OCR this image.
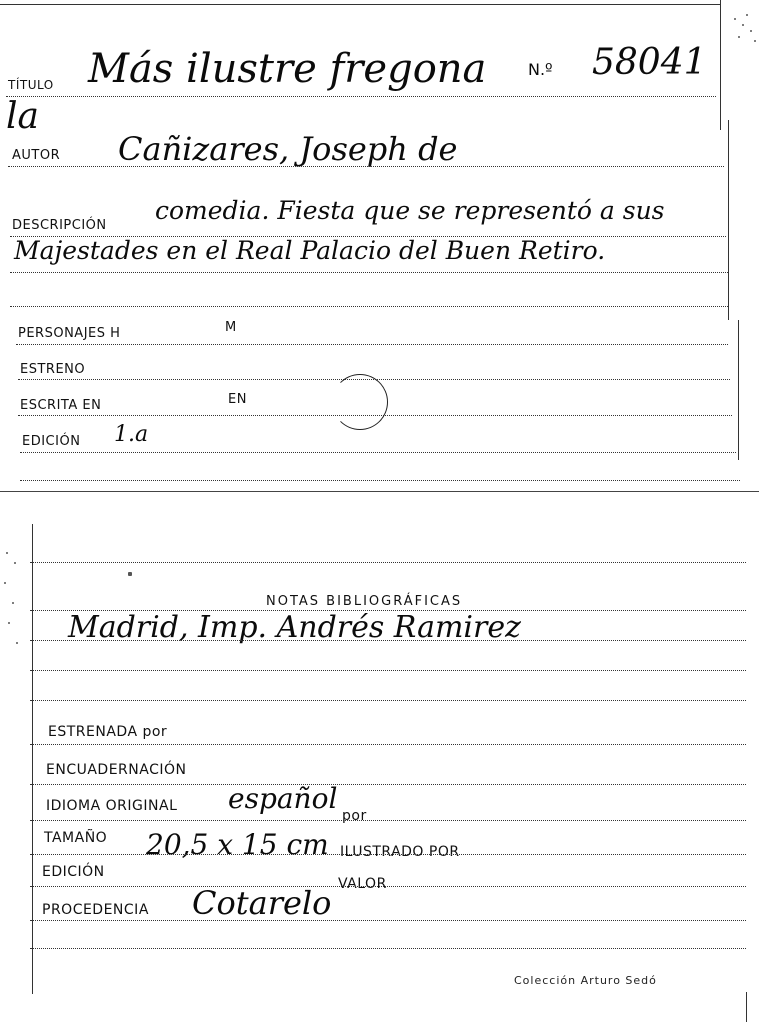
TÍTULO Más ilustre fregona	N.º 58041
la
AUTOR Cañizares, Joseph de
DESCRIPCIÓN
comedia. Fiesta que se representó a sus
Majestades en el Real Palacio del Buen Retiro.
PERSONAJES H	M
ESTRENO
ESCRITA EN	EN
EDICIÓN 1.a
NOTAS BIBLIOGRÁFICAS
Madrid, Imp. Andrés Ramirez
ESTRENADA por
ENCUADERNACIÓN
IDIOMA ORIGINAL español
por
TAMAÑO 20,5 x 15 cm ILUSTRADO POR
EDICIÓN
VALOR
PROCEDENCIA Cotarelo
Colección Arturo Sedó
